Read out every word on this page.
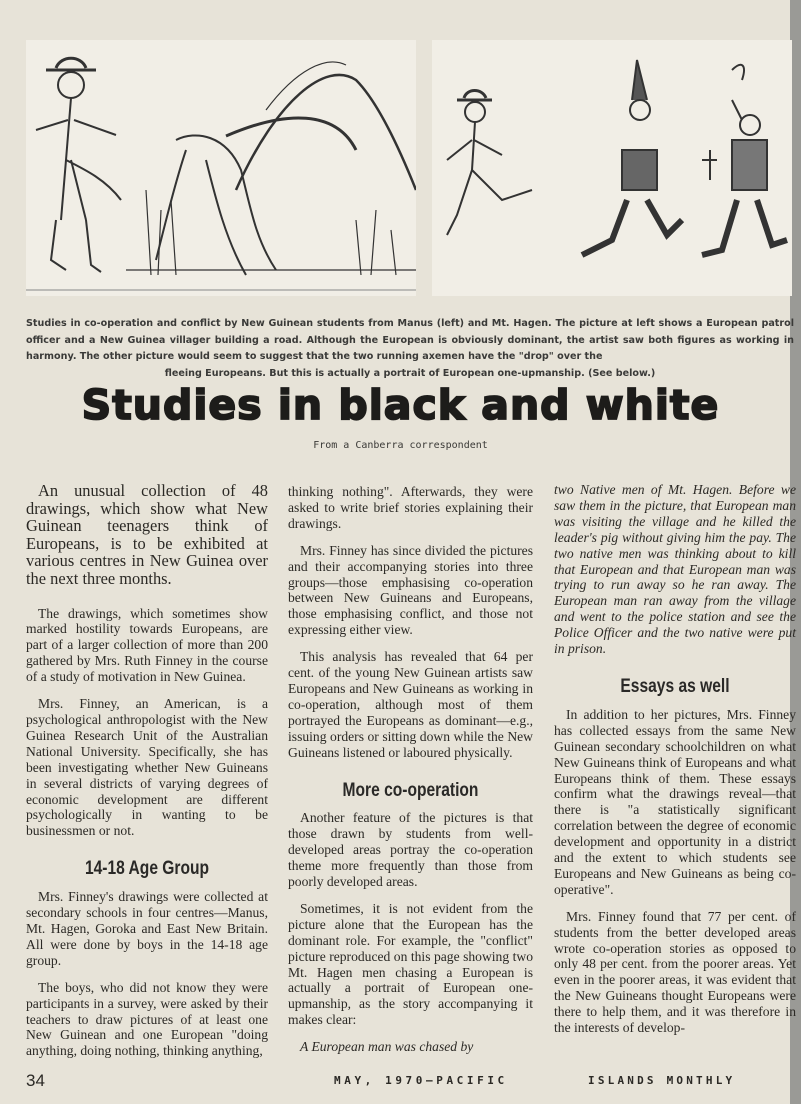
Studies in co-operation and conflict by New Guinean students from Manus (left) and Mt. Hagen. The picture at left shows a European patrol officer and a New Guinea villager building a road. Although the European is obviously dominant, the artist saw both figures as working in harmony. The other picture would seem to suggest that the two running axemen have the "drop" over the
fleeing Europeans. But this is actually a portrait of European one-upmanship. (See below.)
Studies in black and white
From a Canberra correspondent

An unusual collection of 48 drawings, which show what New Guinean teenagers think of Europeans, is to be exhibited at various centres in New Guinea over the next three months.

The drawings, which sometimes show marked hostility towards Europeans, are part of a larger collection of more than 200 gathered by Mrs. Ruth Finney in the course of a study of motivation in New Guinea.

Mrs. Finney, an American, is a psychological anthropologist with the New Guinea Research Unit of the Australian National University. Specifically, she has been investigating whether New Guineans in several districts of varying degrees of economic development are different psychologically in wanting to be businessmen or not.

14-18 Age Group

Mrs. Finney's drawings were collected at secondary schools in four centres—Manus, Mt. Hagen, Goroka and East New Britain. All were done by boys in the 14-18 age group.

The boys, who did not know they were participants in a survey, were asked by their teachers to draw pictures of at least one New Guinean and one European "doing anything, doing nothing, thinking anything,

thinking nothing". Afterwards, they were asked to write brief stories explaining their drawings.

Mrs. Finney has since divided the pictures and their accompanying stories into three groups—those emphasising co-operation between New Guineans and Europeans, those emphasising conflict, and those not expressing either view.

This analysis has revealed that 64 per cent. of the young New Guinean artists saw Europeans and New Guineans as working in co-operation, although most of them portrayed the Europeans as dominant—e.g., issuing orders or sitting down while the New Guineans listened or laboured physically.

More co-operation

Another feature of the pictures is that those drawn by students from well-developed areas portray the co-operation theme more frequently than those from poorly developed areas.

Sometimes, it is not evident from the picture alone that the European has the dominant role. For example, the "conflict" picture reproduced on this page showing two Mt. Hagen men chasing a European is actually a portrait of European one-upmanship, as the story accompanying it makes clear:

A European man was chased by

two Native men of Mt. Hagen. Before we saw them in the picture, that European man was visiting the village and he killed the leader's pig without giving him the pay. The two native men was thinking about to kill that European and that European man was trying to run away so he ran away. The European man ran away from the village and went to the police station and see the Police Officer and the two native were put in prison.

Essays as well

In addition to her pictures, Mrs. Finney has collected essays from the same New Guinean secondary schoolchildren on what New Guineans think of Europeans and what Europeans think of them. These essays confirm what the drawings reveal—that there is "a statistically significant correlation between the degree of economic development and opportunity in a district and the extent to which students see Europeans and New Guineans as being co-operative".

Mrs. Finney found that 77 per cent. of students from the better developed areas wrote co-operation stories as opposed to only 48 per cent. from the poorer areas. Yet even in the poorer areas, it was evident that the New Guineans thought Europeans were there to help them, and it was therefore in the interests of develop-

34	MAY, 1970—PACIFIC	ISLANDS MONTHLY
